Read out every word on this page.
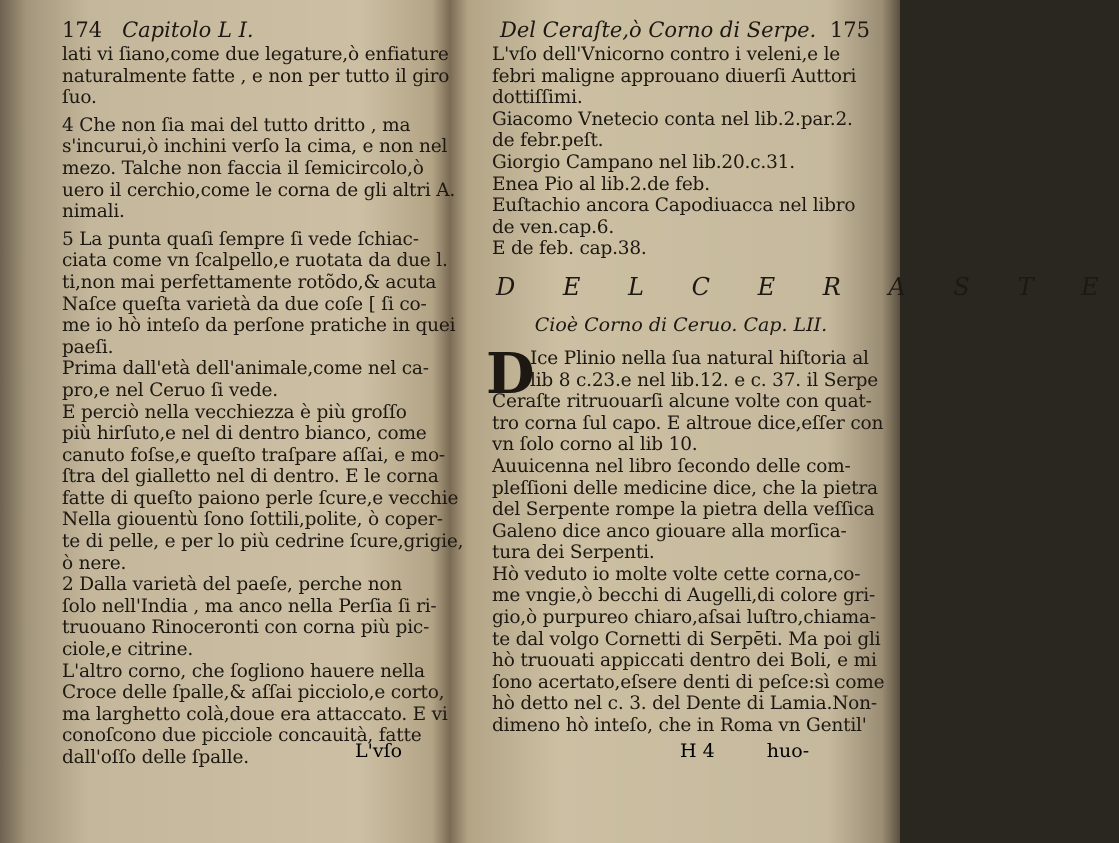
174 Capitolo L I.
lati vi ſiano,come due legature,ò enfiature
naturalmente fatte , e non per tutto il giro
ſuo.
4 Che non ſia mai del tutto dritto , ma
s'incurui,ò inchini verſo la cima, e non nel
mezo. Talche non faccia il ſemicircolo,ò
uero il cerchio,come le corna de gli altri A.
nimali.
5 La punta quaſi ſempre ſi vede ſchiac-
ciata come vn ſcalpello,e ruotata da due l.
ti,non mai perfettamente rotõdo,& acuta
Naſce queſta varietà da due coſe [ ſi co-
me io hò inteſo da perſone pratiche in quei
paeſi.
Prima dall'età dell'animale,come nel ca-
pro,e nel Ceruo ſi vede.
E perciò nella vecchiezza è più groſſo
più hirſuto,e nel di dentro bianco, come
canuto foſse,e queſto traſpare aſſai, e mo-
ſtra del gialletto nel di dentro. E le corna
fatte di queſto paiono perle ſcure,e vecchie
Nella giouentù ſono ſottili,polite, ò coper-
te di pelle, e per lo più cedrine ſcure,grigie,
ò nere.
2 Dalla varietà del paeſe, perche non
ſolo nell'India , ma anco nella Perſia ſi ri-
truouano Rinoceronti con corna più pic-
ciole,e citrine.
L'altro corno, che ſogliono hauere nella
Croce delle ſpalle,& aſſai picciolo,e corto,
ma larghetto colà,doue era attaccato. E vi
conoſcono due picciole concauità, fatte
dall'oſſo delle ſpalle.	L'vſo
Del Ceraſte,ò Corno di Serpe. 175
L'vſo dell'Vnicorno contro i veleni,e le
febri maligne approuano diuerſi Auttori
dottiſſimi.
Giacomo Vnetecio conta nel lib.2.par.2.
de febr.peſt.
Giorgio Campano nel lib.20.c.31.
Enea Pio al lib.2.de feb.
Euſtachio ancora Capodiuacca nel libro
de ven.cap.6.
E de feb. cap.38.
D E L C E R A S T E
Cioè Corno di Ceruo. Cap. LII.
D
Ice Plinio nella ſua natural hiſtoria al
lib 8 c.23.e nel lib.12. e c. 37. il Serpe
Ceraſte ritruouarſi alcune volte con quat-
tro corna ſul capo. E altroue dice,eſſer con
vn ſolo corno al lib 10.
Auuicenna nel libro ſecondo delle com-
pleſſioni delle medicine dice, che la pietra
del Serpente rompe la pietra della veſſica
Galeno dice anco giouare alla morſica-
tura dei Serpenti.
Hò veduto io molte volte cette corna,co-
me vngie,ò becchi di Augelli,di colore gri-
gio,ò purpureo chiaro,aſsai luſtro,chiama-
te dal volgo Cornetti di Serpēti. Ma poi gli
hò truouati appiccati dentro dei Boli, e mi
ſono acertato,eſsere denti di peſce:sì come
hò detto nel c. 3. del Dente di Lamia.Non-
dimeno hò inteſo, che in Roma vn Gentil'
H 4	huo-
